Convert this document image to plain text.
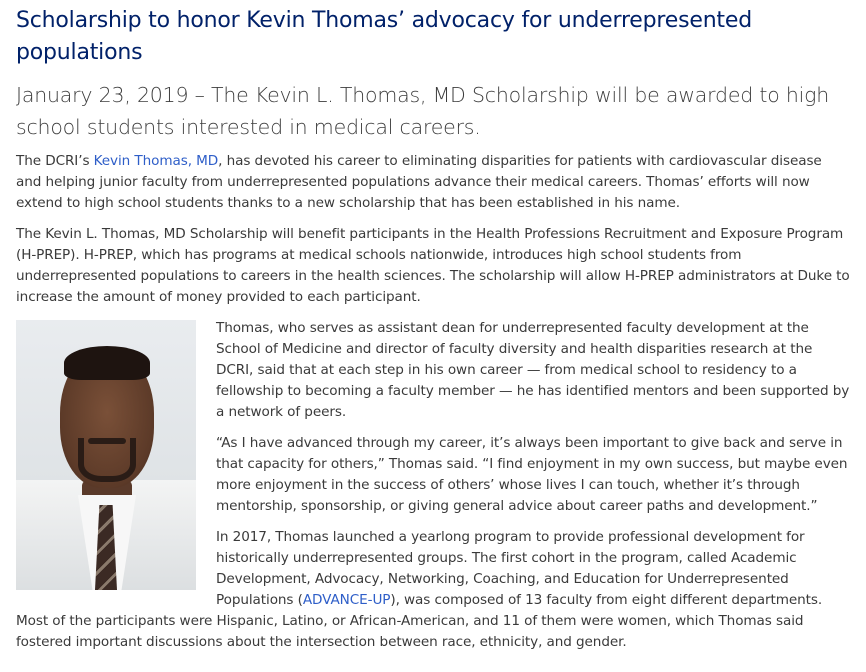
Scholarship to honor Kevin Thomas’ advocacy for underrepresented populations
January 23, 2019 – The Kevin L. Thomas, MD Scholarship will be awarded to high school students interested in medical careers.

The DCRI’s Kevin Thomas, MD, has devoted his career to eliminating disparities for patients with cardiovascular disease and helping junior faculty from underrepresented populations advance their medical careers. Thomas’ efforts will now extend to high school students thanks to a new scholarship that has been established in his name.

The Kevin L. Thomas, MD Scholarship will benefit participants in the Health Professions Recruitment and Exposure Program (H-PREP). H-PREP, which has programs at medical schools nationwide, introduces high school students from underrepresented populations to careers in the health sciences. The scholarship will allow H-PREP administrators at Duke to increase the amount of money provided to each participant.

Thomas, who serves as assistant dean for underrepresented faculty development at the School of Medicine and director of faculty diversity and health disparities research at the DCRI, said that at each step in his own career — from medical school to residency to a fellowship to becoming a faculty member — he has identified mentors and been supported by a network of peers.

“As I have advanced through my career, it’s always been important to give back and serve in that capacity for others,” Thomas said. “I find enjoyment in my own success, but maybe even more enjoyment in the success of others’ whose lives I can touch, whether it’s through mentorship, sponsorship, or giving general advice about career paths and development.”

In 2017, Thomas launched a yearlong program to provide professional development for historically underrepresented groups. The first cohort in the program, called Academic Development, Advocacy, Networking, Coaching, and Education for Underrepresented Populations (ADVANCE-UP), was composed of 13 faculty from eight different departments. Most of the participants were Hispanic, Latino, or African-American, and 11 of them were women, which Thomas said fostered important discussions about the intersection between race, ethnicity, and gender.
